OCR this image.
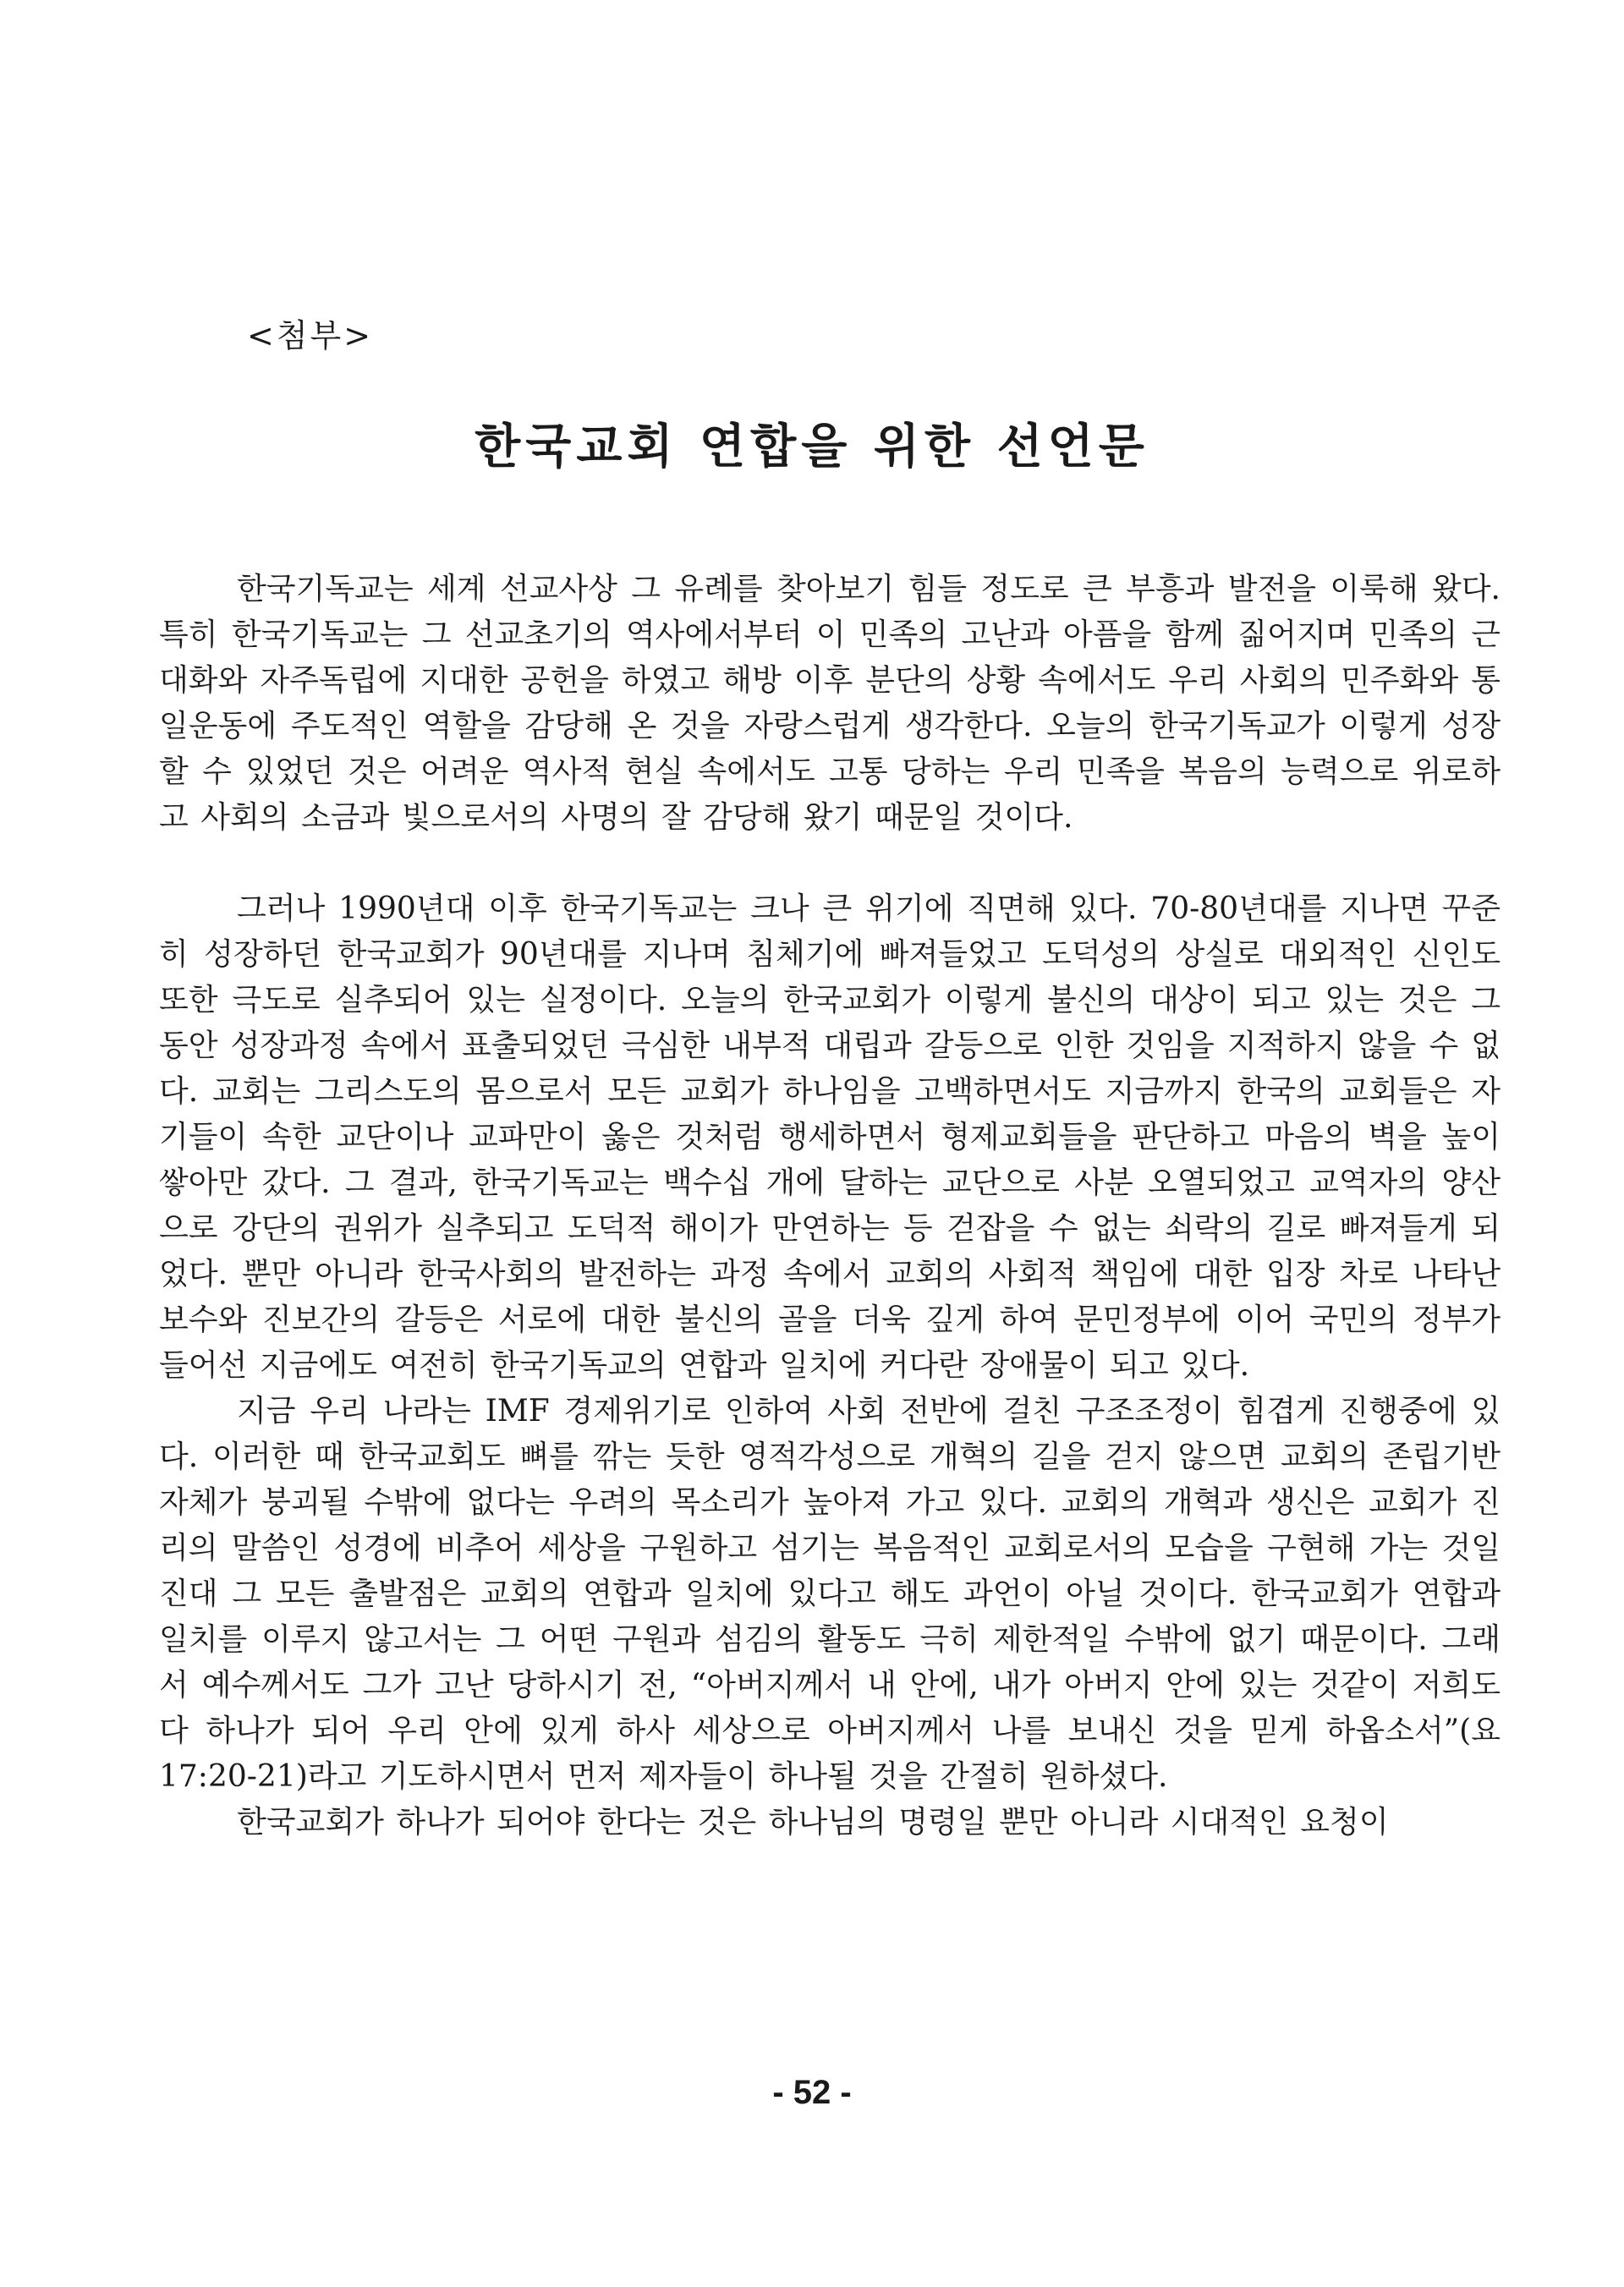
<첨부>
한국교회 연합을 위한 선언문

한국기독교는 세계 선교사상 그 유례를 찾아보기 힘들 정도로 큰 부흥과 발전을 이룩해 왔다. 특히 한국기독교는 그 선교초기의 역사에서부터 이 민족의 고난과 아픔을 함께 짊어지며 민족의 근대화와 자주독립에 지대한 공헌을 하였고 해방 이후 분단의 상황 속에서도 우리 사회의 민주화와 통일운동에 주도적인 역할을 감당해 온 것을 자랑스럽게 생각한다. 오늘의 한국기독교가 이렇게 성장할 수 있었던 것은 어려운 역사적 현실 속에서도 고통 당하는 우리 민족을 복음의 능력으로 위로하고 사회의 소금과 빛으로서의 사명의 잘 감당해 왔기 때문일 것이다.

그러나 1990년대 이후 한국기독교는 크나 큰 위기에 직면해 있다. 70-80년대를 지나면 꾸준히 성장하던 한국교회가 90년대를 지나며 침체기에 빠져들었고 도덕성의 상실로 대외적인 신인도 또한 극도로 실추되어 있는 실정이다. 오늘의 한국교회가 이렇게 불신의 대상이 되고 있는 것은 그 동안 성장과정 속에서 표출되었던 극심한 내부적 대립과 갈등으로 인한 것임을 지적하지 않을 수 없다. 교회는 그리스도의 몸으로서 모든 교회가 하나임을 고백하면서도 지금까지 한국의 교회들은 자기들이 속한 교단이나 교파만이 옳은 것처럼 행세하면서 형제교회들을 판단하고 마음의 벽을 높이 쌓아만 갔다. 그 결과, 한국기독교는 백수십 개에 달하는 교단으로 사분 오열되었고 교역자의 양산으로 강단의 권위가 실추되고 도덕적 해이가 만연하는 등 걷잡을 수 없는 쇠락의 길로 빠져들게 되었다. 뿐만 아니라 한국사회의 발전하는 과정 속에서 교회의 사회적 책임에 대한 입장 차로 나타난 보수와 진보간의 갈등은 서로에 대한 불신의 골을 더욱 깊게 하여 문민정부에 이어 국민의 정부가 들어선 지금에도 여전히 한국기독교의 연합과 일치에 커다란 장애물이 되고 있다.

지금 우리 나라는 IMF 경제위기로 인하여 사회 전반에 걸친 구조조정이 힘겹게 진행중에 있다. 이러한 때 한국교회도 뼈를 깎는 듯한 영적각성으로 개혁의 길을 걷지 않으면 교회의 존립기반 자체가 붕괴될 수밖에 없다는 우려의 목소리가 높아져 가고 있다. 교회의 개혁과 생신은 교회가 진리의 말씀인 성경에 비추어 세상을 구원하고 섬기는 복음적인 교회로서의 모습을 구현해 가는 것일진대 그 모든 출발점은 교회의 연합과 일치에 있다고 해도 과언이 아닐 것이다. 한국교회가 연합과 일치를 이루지 않고서는 그 어떤 구원과 섬김의 활동도 극히 제한적일 수밖에 없기 때문이다. 그래서 예수께서도 그가 고난 당하시기 전, “아버지께서 내 안에, 내가 아버지 안에 있는 것같이 저희도 다 하나가 되어 우리 안에 있게 하사 세상으로 아버지께서 나를 보내신 것을 믿게 하옵소서”(요 17:20-21)라고 기도하시면서 먼저 제자들이 하나될 것을 간절히 원하셨다.

한국교회가 하나가 되어야 한다는 것은 하나님의 명령일 뿐만 아니라 시대적인 요청이

- 52 -
